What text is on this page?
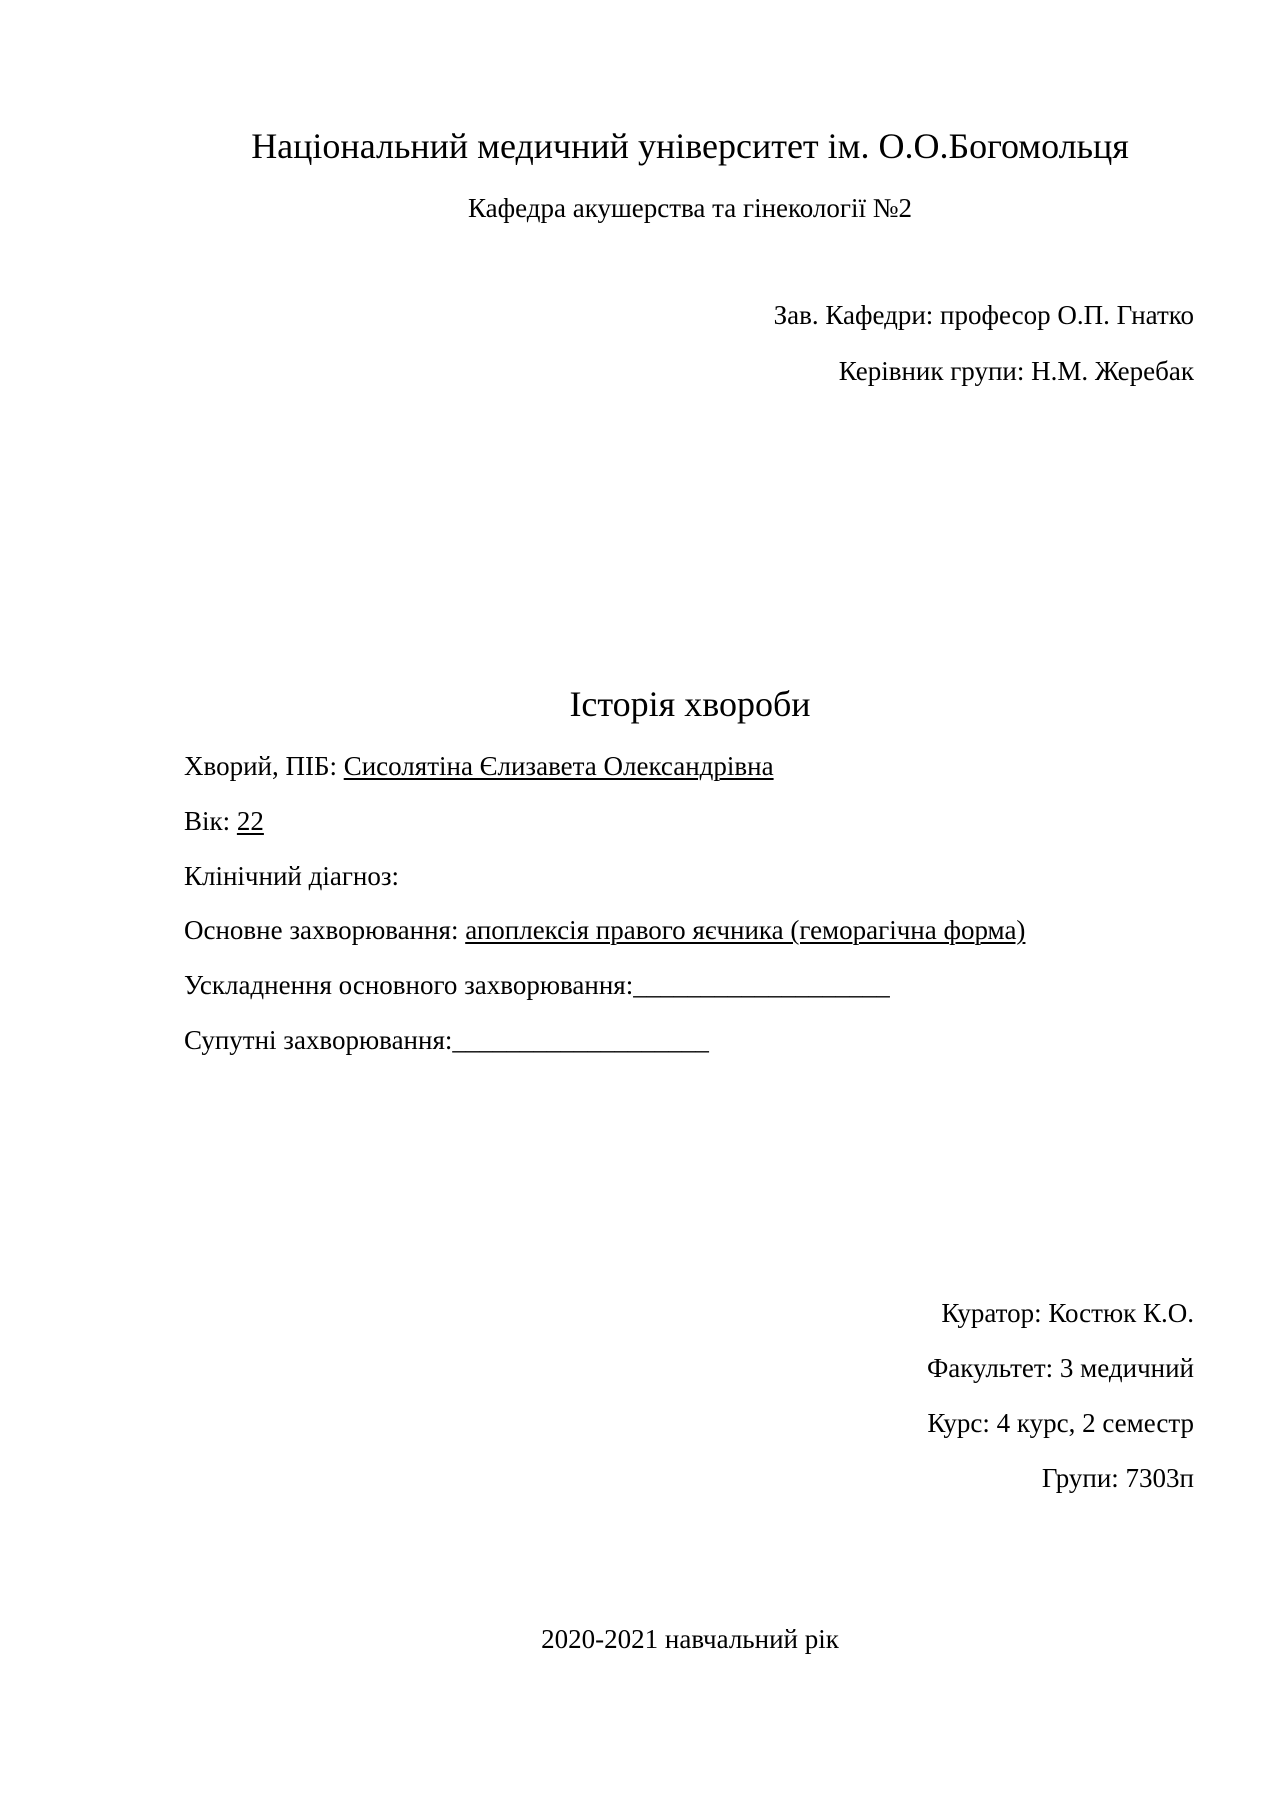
Національний медичний університет ім. О.О.Богомольця
Кафедра акушерства та гінекології №2
Зав. Кафедри: професор О.П. Гнатко
Керівник групи: Н.М. Жеребак
Історія хвороби
Хворий, ПІБ: Сисолятіна Єлизавета Олександрівна
Вік: 22
Клінічний діагноз:
Основне захворювання: апоплексія правого яєчника (геморагічна форма)
Ускладнення основного захворювання:___________________
Супутні захворювання:___________________
Куратор: Костюк К.О.
Факультет: 3 медичний
Курс: 4 курс, 2 семестр
Групи: 7303п
2020-2021 навчальний рік
